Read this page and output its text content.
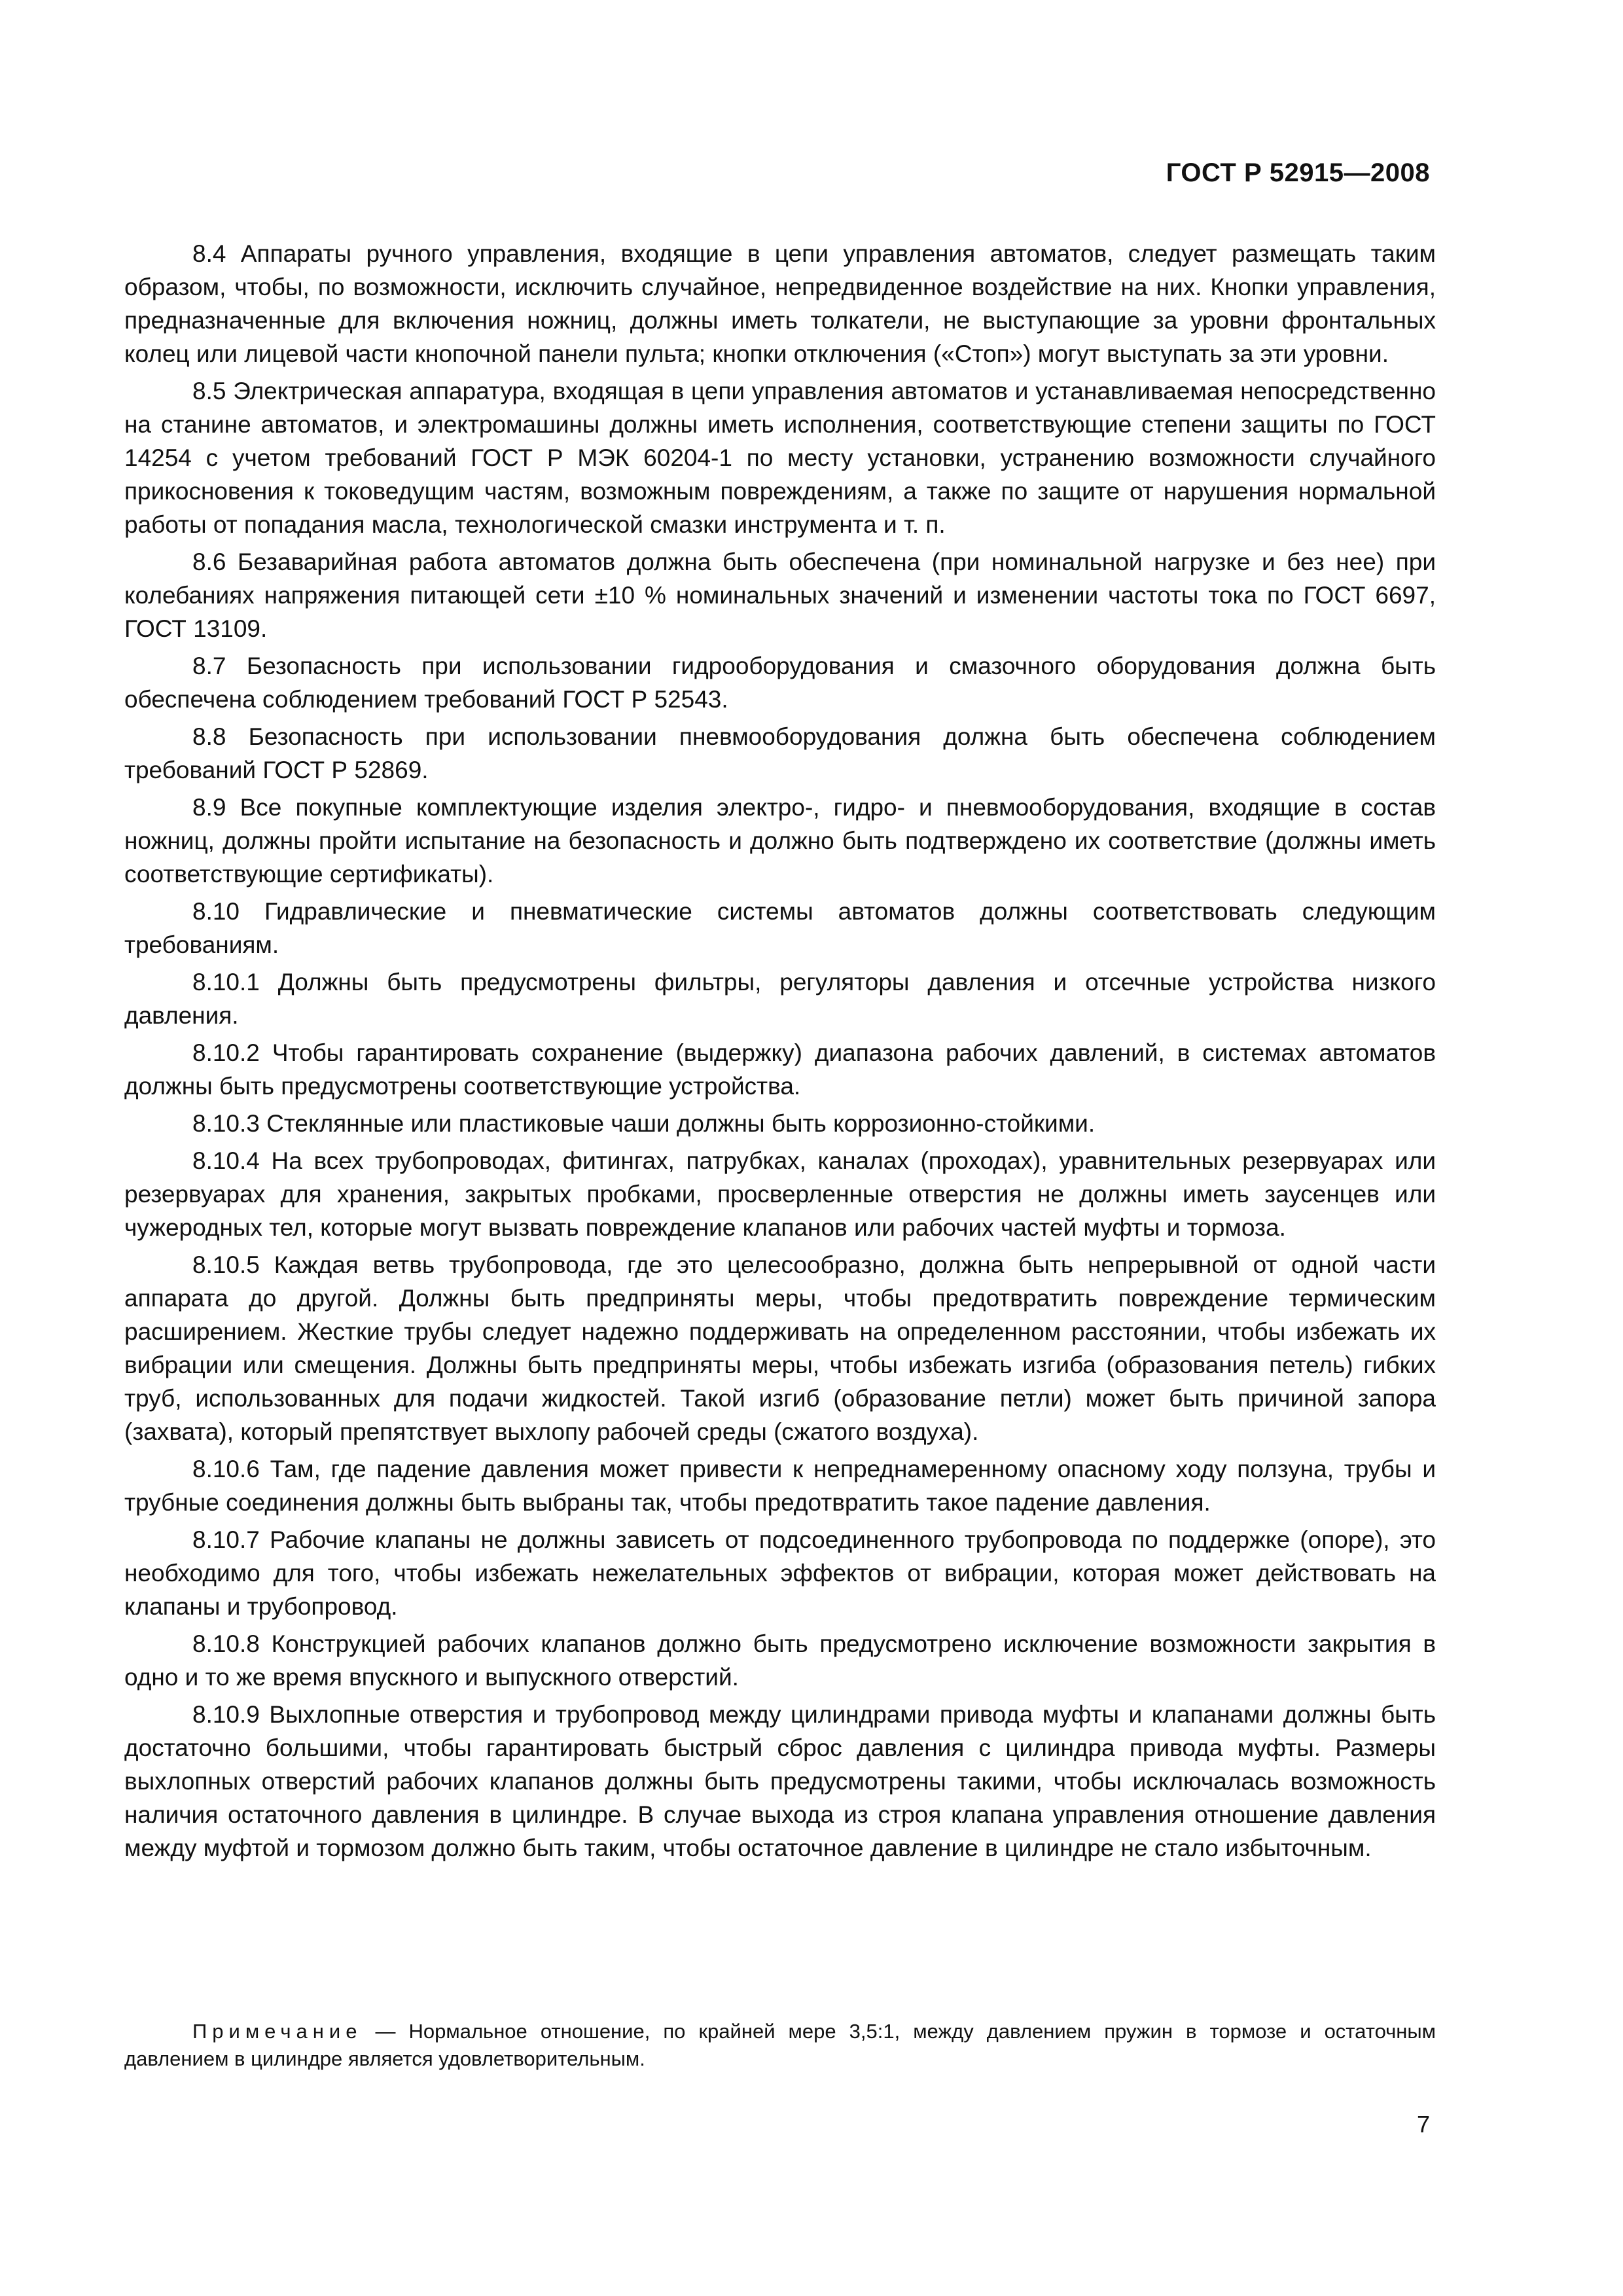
ГОСТ Р 52915—2008

8.4 Аппараты ручного управления, входящие в цепи управления автоматов, следует размещать таким образом, чтобы, по возможности, исключить случайное, непредвиденное воздействие на них. Кнопки управления, предназначенные для включения ножниц, должны иметь толкатели, не выступающие за уровни фронтальных колец или лицевой части кнопочной панели пульта; кнопки отключения («Стоп») могут выступать за эти уровни.

8.5 Электрическая аппаратура, входящая в цепи управления автоматов и устанавливаемая непосредственно на станине автоматов, и электромашины должны иметь исполнения, соответствующие степени защиты по ГОСТ 14254 с учетом требований ГОСТ Р МЭК 60204-1 по месту установки, устранению возможности случайного прикосновения к токоведущим частям, возможным повреждениям, а также по защите от нарушения нормальной работы от попадания масла, технологической смазки инструмента и т. п.

8.6 Безаварийная работа автоматов должна быть обеспечена (при номинальной нагрузке и без нее) при колебаниях напряжения питающей сети ±10 % номинальных значений и изменении частоты тока по ГОСТ 6697, ГОСТ 13109.

8.7 Безопасность при использовании гидрооборудования и смазочного оборудования должна быть обеспечена соблюдением требований ГОСТ Р 52543.

8.8 Безопасность при использовании пневмооборудования должна быть обеспечена соблюдением требований ГОСТ Р 52869.

8.9 Все покупные комплектующие изделия электро-, гидро- и пневмооборудования, входящие в состав ножниц, должны пройти испытание на безопасность и должно быть подтверждено их соответствие (должны иметь соответствующие сертификаты).

8.10 Гидравлические и пневматические системы автоматов должны соответствовать следующим требованиям.

8.10.1 Должны быть предусмотрены фильтры, регуляторы давления и отсечные устройства низкого давления.

8.10.2 Чтобы гарантировать сохранение (выдержку) диапазона рабочих давлений, в системах автоматов должны быть предусмотрены соответствующие устройства.

8.10.3 Стеклянные или пластиковые чаши должны быть коррозионно-стойкими.

8.10.4 На всех трубопроводах, фитингах, патрубках, каналах (проходах), уравнительных резервуарах или резервуарах для хранения, закрытых пробками, просверленные отверстия не должны иметь заусенцев или чужеродных тел, которые могут вызвать повреждение клапанов или рабочих частей муфты и тормоза.

8.10.5 Каждая ветвь трубопровода, где это целесообразно, должна быть непрерывной от одной части аппарата до другой. Должны быть предприняты меры, чтобы предотвратить повреждение термическим расширением. Жесткие трубы следует надежно поддерживать на определенном расстоянии, чтобы избежать их вибрации или смещения. Должны быть предприняты меры, чтобы избежать изгиба (образования петель) гибких труб, использованных для подачи жидкостей. Такой изгиб (образование петли) может быть причиной запора (захвата), который препятствует выхлопу рабочей среды (сжатого воздуха).

8.10.6 Там, где падение давления может привести к непреднамеренному опасному ходу ползуна, трубы и трубные соединения должны быть выбраны так, чтобы предотвратить такое падение давления.

8.10.7 Рабочие клапаны не должны зависеть от подсоединенного трубопровода по поддержке (опоре), это необходимо для того, чтобы избежать нежелательных эффектов от вибрации, которая может действовать на клапаны и трубопровод.

8.10.8 Конструкцией рабочих клапанов должно быть предусмотрено исключение возможности закрытия в одно и то же время впускного и выпускного отверстий.

8.10.9 Выхлопные отверстия и трубопровод между цилиндрами привода муфты и клапанами должны быть достаточно большими, чтобы гарантировать быстрый сброс давления с цилиндра привода муфты. Размеры выхлопных отверстий рабочих клапанов должны быть предусмотрены такими, чтобы исключалась возможность наличия остаточного давления в цилиндре. В случае выхода из строя клапана управления отношение давления между муфтой и тормозом должно быть таким, чтобы остаточное давление в цилиндре не стало избыточным.

Примечание — Нормальное отношение, по крайней мере 3,5:1, между давлением пружин в тормозе и остаточным давлением в цилиндре является удовлетворительным.
7
